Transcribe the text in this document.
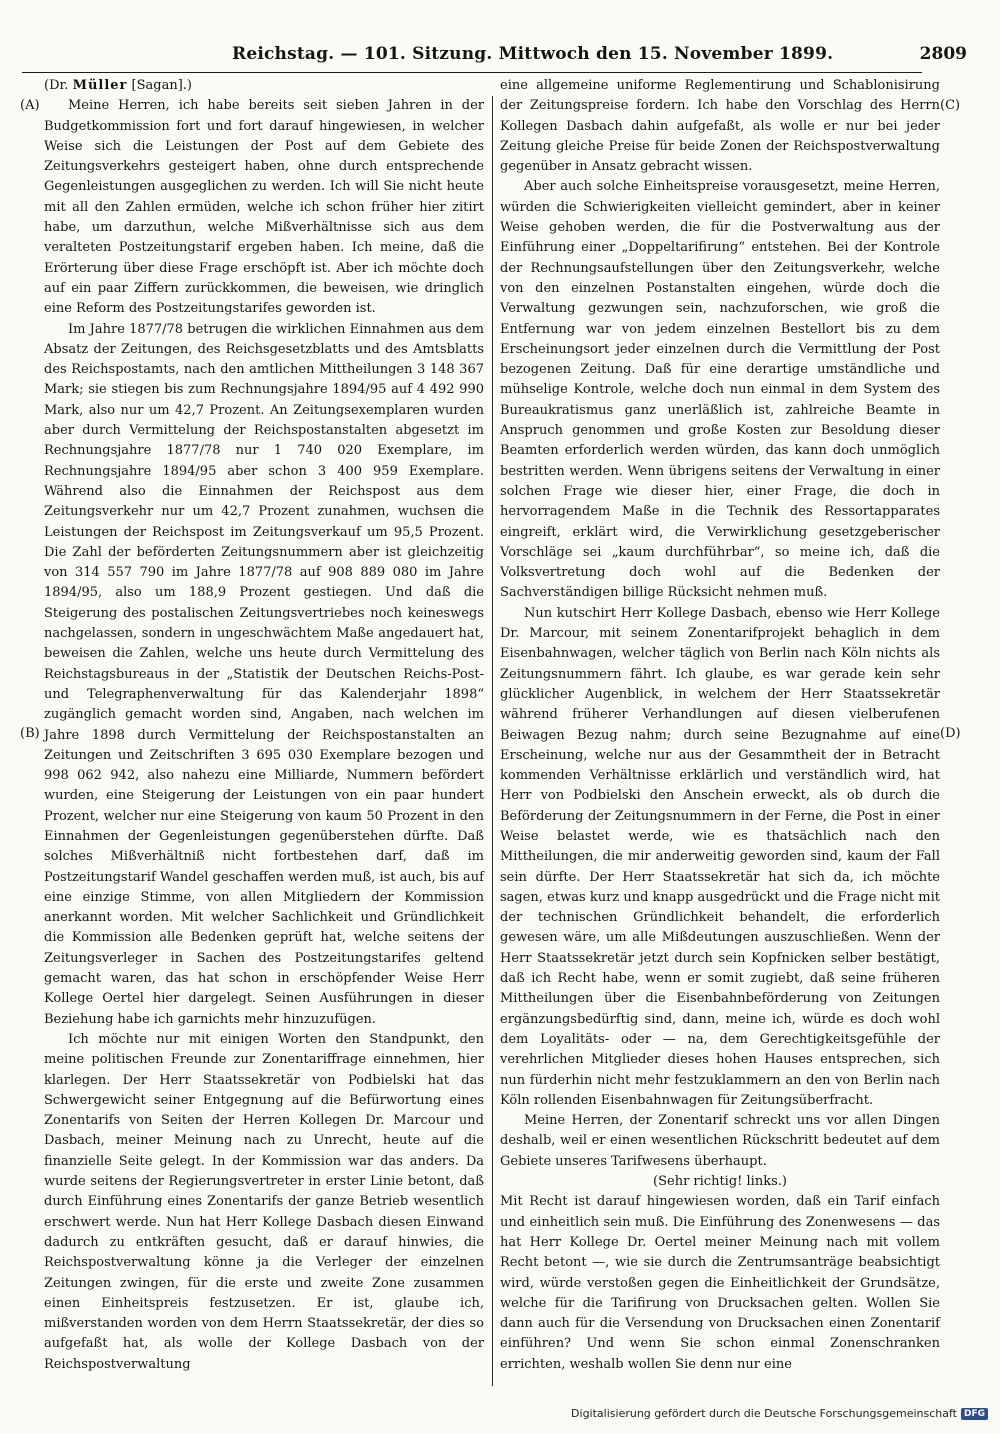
Reichstag. — 101. Sitzung. Mittwoch den 15. November 1899.	2809
(A)
(B)
(C)
(D)

(Dr. Müller [Sagan].)

Meine Herren, ich habe bereits seit sieben Jahren in der Budgetkommission fort und fort darauf hingewiesen, in welcher Weise sich die Leistungen der Post auf dem Gebiete des Zeitungsverkehrs gesteigert haben, ohne durch entsprechende Gegenleistungen ausgeglichen zu werden. Ich will Sie nicht heute mit all den Zahlen ermüden, welche ich schon früher hier zitirt habe, um darzuthun, welche Mißverhältnisse sich aus dem veralteten Postzeitungstarif ergeben haben. Ich meine, daß die Erörterung über diese Frage erschöpft ist. Aber ich möchte doch auf ein paar Ziffern zurückkommen, die beweisen, wie dringlich eine Reform des Postzeitungstarifes geworden ist.

Im Jahre 1877/78 betrugen die wirklichen Einnahmen aus dem Absatz der Zeitungen, des Reichsgesetzblatts und des Amtsblatts des Reichspostamts, nach den amtlichen Mittheilungen 3 148 367 Mark; sie stiegen bis zum Rechnungsjahre 1894/95 auf 4 492 990 Mark, also nur um 42,7 Prozent. An Zeitungsexemplaren wurden aber durch Vermittelung der Reichspostanstalten abgesetzt im Rechnungsjahre 1877/78 nur 1 740 020 Exemplare, im Rechnungsjahre 1894/95 aber schon 3 400 959 Exemplare. Während also die Einnahmen der Reichspost aus dem Zeitungsverkehr nur um 42,7 Prozent zunahmen, wuchsen die Leistungen der Reichspost im Zeitungsverkauf um 95,5 Prozent. Die Zahl der beförderten Zeitungsnummern aber ist gleichzeitig von 314 557 790 im Jahre 1877/78 auf 908 889 080 im Jahre 1894/95, also um 188,9 Prozent gestiegen. Und daß die Steigerung des postalischen Zeitungsvertriebes noch keineswegs nachgelassen, sondern in ungeschwächtem Maße angedauert hat, beweisen die Zahlen, welche uns heute durch Vermittelung des Reichstagsbureaus in der „Statistik der Deutschen Reichs-Post- und Telegraphenverwaltung für das Kalenderjahr 1898“ zugänglich gemacht worden sind, Angaben, nach welchen im Jahre 1898 durch Vermittelung der Reichspostanstalten an Zeitungen und Zeitschriften 3 695 030 Exemplare bezogen und 998 062 942, also nahezu eine Milliarde, Nummern befördert wurden, eine Steigerung der Leistungen von ein paar hundert Prozent, welcher nur eine Steigerung von kaum 50 Prozent in den Einnahmen der Gegenleistungen gegenüberstehen dürfte. Daß solches Mißverhältniß nicht fortbestehen darf, daß im Postzeitungstarif Wandel geschaffen werden muß, ist auch, bis auf eine einzige Stimme, von allen Mitgliedern der Kommission anerkannt worden. Mit welcher Sachlichkeit und Gründlichkeit die Kommission alle Bedenken geprüft hat, welche seitens der Zeitungsverleger in Sachen des Postzeitungstarifes geltend gemacht waren, das hat schon in erschöpfender Weise Herr Kollege Oertel hier dargelegt. Seinen Ausführungen in dieser Beziehung habe ich garnichts mehr hinzuzufügen.

Ich möchte nur mit einigen Worten den Standpunkt, den meine politischen Freunde zur Zonentariffrage einnehmen, hier klarlegen. Der Herr Staatssekretär von Podbielski hat das Schwergewicht seiner Entgegnung auf die Befürwortung eines Zonentarifs von Seiten der Herren Kollegen Dr. Marcour und Dasbach, meiner Meinung nach zu Unrecht, heute auf die finanzielle Seite gelegt. In der Kommission war das anders. Da wurde seitens der Regierungsvertreter in erster Linie betont, daß durch Einführung eines Zonentarifs der ganze Betrieb wesentlich erschwert werde. Nun hat Herr Kollege Dasbach diesen Einwand dadurch zu entkräften gesucht, daß er darauf hinwies, die Reichspostverwaltung könne ja die Verleger der einzelnen Zeitungen zwingen, für die erste und zweite Zone zusammen einen Einheitspreis festzusetzen. Er ist, glaube ich, mißverstanden worden von dem Herrn Staatssekretär, der dies so aufgefaßt hat, als wolle der Kollege Dasbach von der Reichspostverwaltung

eine allgemeine uniforme Reglementirung und Schablonisirung der Zeitungspreise fordern. Ich habe den Vorschlag des Herrn Kollegen Dasbach dahin aufgefaßt, als wolle er nur bei jeder Zeitung gleiche Preise für beide Zonen der Reichspostverwaltung gegenüber in Ansatz gebracht wissen.

Aber auch solche Einheitspreise vorausgesetzt, meine Herren, würden die Schwierigkeiten vielleicht gemindert, aber in keiner Weise gehoben werden, die für die Postverwaltung aus der Einführung einer „Doppeltarifirung“ entstehen. Bei der Kontrole der Rechnungsaufstellungen über den Zeitungsverkehr, welche von den einzelnen Postanstalten eingehen, würde doch die Verwaltung gezwungen sein, nachzuforschen, wie groß die Entfernung war von jedem einzelnen Bestellort bis zu dem Erscheinungsort jeder einzelnen durch die Vermittlung der Post bezogenen Zeitung. Daß für eine derartige umständliche und mühselige Kontrole, welche doch nun einmal in dem System des Bureaukratismus ganz unerläßlich ist, zahlreiche Beamte in Anspruch genommen und große Kosten zur Besoldung dieser Beamten erforderlich werden würden, das kann doch unmöglich bestritten werden. Wenn übrigens seitens der Verwaltung in einer solchen Frage wie dieser hier, einer Frage, die doch in hervorragendem Maße in die Technik des Ressortapparates eingreift, erklärt wird, die Verwirklichung gesetzgeberischer Vorschläge sei „kaum durchführbar“, so meine ich, daß die Volksvertretung doch wohl auf die Bedenken der Sachverständigen billige Rücksicht nehmen muß.

Nun kutschirt Herr Kollege Dasbach, ebenso wie Herr Kollege Dr. Marcour, mit seinem Zonentarifprojekt behaglich in dem Eisenbahnwagen, welcher täglich von Berlin nach Köln nichts als Zeitungsnummern fährt. Ich glaube, es war gerade kein sehr glücklicher Augenblick, in welchem der Herr Staatssekretär während früherer Verhandlungen auf diesen vielberufenen Beiwagen Bezug nahm; durch seine Bezugnahme auf eine Erscheinung, welche nur aus der Gesammtheit der in Betracht kommenden Verhältnisse erklärlich und verständlich wird, hat Herr von Podbielski den Anschein erweckt, als ob durch die Beförderung der Zeitungsnummern in der Ferne, die Post in einer Weise belastet werde, wie es thatsächlich nach den Mittheilungen, die mir anderweitig geworden sind, kaum der Fall sein dürfte. Der Herr Staatssekretär hat sich da, ich möchte sagen, etwas kurz und knapp ausgedrückt und die Frage nicht mit der technischen Gründlichkeit behandelt, die erforderlich gewesen wäre, um alle Mißdeutungen auszuschließen. Wenn der Herr Staatssekretär jetzt durch sein Kopfnicken selber bestätigt, daß ich Recht habe, wenn er somit zugiebt, daß seine früheren Mittheilungen über die Eisenbahnbeförderung von Zeitungen ergänzungsbedürftig sind, dann, meine ich, würde es doch wohl dem Loyalitäts- oder — na, dem Gerechtigkeitsgefühle der verehrlichen Mitglieder dieses hohen Hauses entsprechen, sich nun fürderhin nicht mehr festzuklammern an den von Berlin nach Köln rollenden Eisenbahnwagen für Zeitungsüberfracht.

Meine Herren, der Zonentarif schreckt uns vor allen Dingen deshalb, weil er einen wesentlichen Rückschritt bedeutet auf dem Gebiete unseres Tarifwesens überhaupt.

(Sehr richtig! links.)

Mit Recht ist darauf hingewiesen worden, daß ein Tarif einfach und einheitlich sein muß. Die Einführung des Zonenwesens — das hat Herr Kollege Dr. Oertel meiner Meinung nach mit vollem Recht betont —, wie sie durch die Zentrumsanträge beabsichtigt wird, würde verstoßen gegen die Einheitlichkeit der Grundsätze, welche für die Tarifirung von Drucksachen gelten. Wollen Sie dann auch für die Versendung von Drucksachen einen Zonentarif einführen? Und wenn Sie schon einmal Zonenschranken errichten, weshalb wollen Sie denn nur eine

Digitalisierung gefördert durch die Deutsche Forschungsgemeinschaft DFG
